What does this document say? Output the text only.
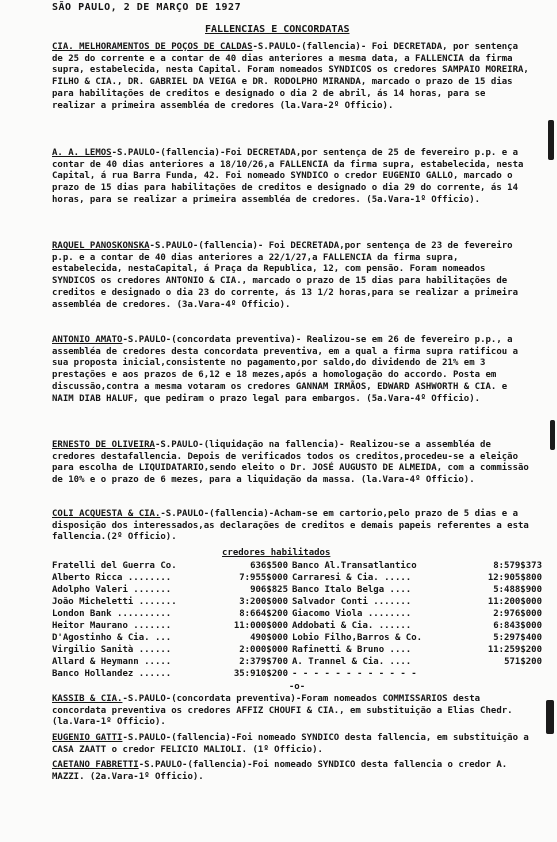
SÃO PAULO, 2 DE MARÇO DE 1927
FALLENCIAS E CONCORDATAS
CIA. MELHORAMENTOS DE POÇOS DE CALDAS-S.PAULO-(fallencia)- Foi DECRETADA, por sentença de 25 do corrente e a contar de 40 dias anteriores a mesma data, a FALLENCIA da firma supra, estabelecida, nesta Capital. Foram nomeados SYNDICOS os credores SAMPAIO MOREIRA, FILHO & CIA., DR. GABRIEL DA VEIGA e DR. RODOLPHO MIRANDA, marcado o prazo de 15 dias para habilitações de creditos e designado o dia 2 de abril, ás 14 horas, para se realizar a primeira assembléa de credores (la.Vara-2º Officio).
A. A. LEMOS-S.PAULO-(fallencia)-Foi DECRETADA,por sentença de 25 de fevereiro p.p. e a contar de 40 dias anteriores a 18/10/26,a FALLENCIA da firma supra, estabelecida, nesta Capital, á rua Barra Funda, 42. Foi nomeado SYNDICO o credor EUGENIO GALLO, marcado o prazo de 15 dias para habilitações de creditos e designado o dia 29 do corrente, ás 14 horas, para se realizar a primeira assembléa de credores. (5a.Vara-1º Officio).
RAQUEL PANOSKONSKA-S.PAULO-(fallencia)- Foi DECRETADA,por sentença de 23 de fevereiro p.p. e a contar de 40 dias anteriores a 22/1/27,a FALLENCIA da firma supra, estabelecida, nestaCapital, á Praça da Republica, 12, com pensão. Foram nomeados SYNDICOS os credores ANTONIO & CIA., marcado o prazo de 15 dias para habilitações de creditos e designado o dia 23 do corrente, ás 13 1/2 horas,para se realizar a primeira assembléa de credores. (3a.Vara-4º Officio).
ANTONIO AMATO-S.PAULO-(concordata preventiva)- Realizou-se em 26 de fevereiro p.p., a assembléa de credores desta concordata preventiva, em a qual a firma supra ratificou a sua proposta inicial,consistente no pagamento,por saldo,do dividendo de 21% em 3 prestações e aos prazos de 6,12 e 18 mezes,após a homologação do accordo. Posta em discussão,contra a mesma votaram os credores GANNAM IRMÃOS, EDWARD ASHWORTH & CIA. e NAIM DIAB HALUF, que pediram o prazo legal para embargos. (5a.Vara-4º Officio).
ERNESTO DE OLIVEIRA-S.PAULO-(liquidação na fallencia)- Realizou-se a assembléa de credores destafallencia. Depois de verificados todos os creditos,procedeu-se a eleição para escolha de LIQUIDATARIO,sendo eleito o Dr. JOSÉ AUGUSTO DE ALMEIDA, com a commissão de 10% e o prazo de 6 mezes, para a liquidação da massa. (la.Vara-4º Officio).
COLI ACQUESTA & CIA.-S.PAULO-(fallencia)-Acham-se em cartorio,pelo prazo de 5 dias e a disposição dos interessados,as declarações de creditos e demais papeis referentes a esta fallencia.(2º Officio).
credores habilitados
Fratelli del Guerra Co.	636$500 Banco Al.Transatlantico	8:579$373
Alberto Ricca ........	7:955$000 Carraresi & Cia. .....	12:905$800
Adolpho Valeri .......	906$825 Banco Italo Belga ....	5:488$900
João Micheletti .......	3:200$000 Salvador Conti .......	11:200$000
London Bank ..........	8:664$200 Giacomo Viola ........	2:976$000
Heitor Maurano .......	11:000$000 Addobati & Cia. ......	6:843$000
D'Agostinho & Cia. ...	490$000 Lobio Filho,Barros & Co.	5:297$400
Virgilio Sanità ......	2:000$000 Rafinetti & Bruno ....	11:259$200
Allard & Heymann .....	2:379$700 A. Trannel & Cia. ....	571$200
Banco Hollandez ......	35:910$200 - - - - - - - - - - - -
-o-
KASSIB & CIA.-S.PAULO-(concordata preventiva)-Foram nomeados COMMISSARIOS desta concordata preventiva os credores AFFIZ CHOUFI & CIA., em substituição a Elias Chedr. (la.Vara-1º Officio).
EUGENIO GATTI-S.PAULO-(fallencia)-Foi nomeado SYNDICO desta fallencia, em substituição a CASA ZAATT o credor FELICIO MALIOLI. (1º Officio).
CAETANO FABRETTI-S.PAULO-(fallencia)-Foi nomeado SYNDICO desta fallencia o credor A. MAZZI. (2a.Vara-1º Officio).
